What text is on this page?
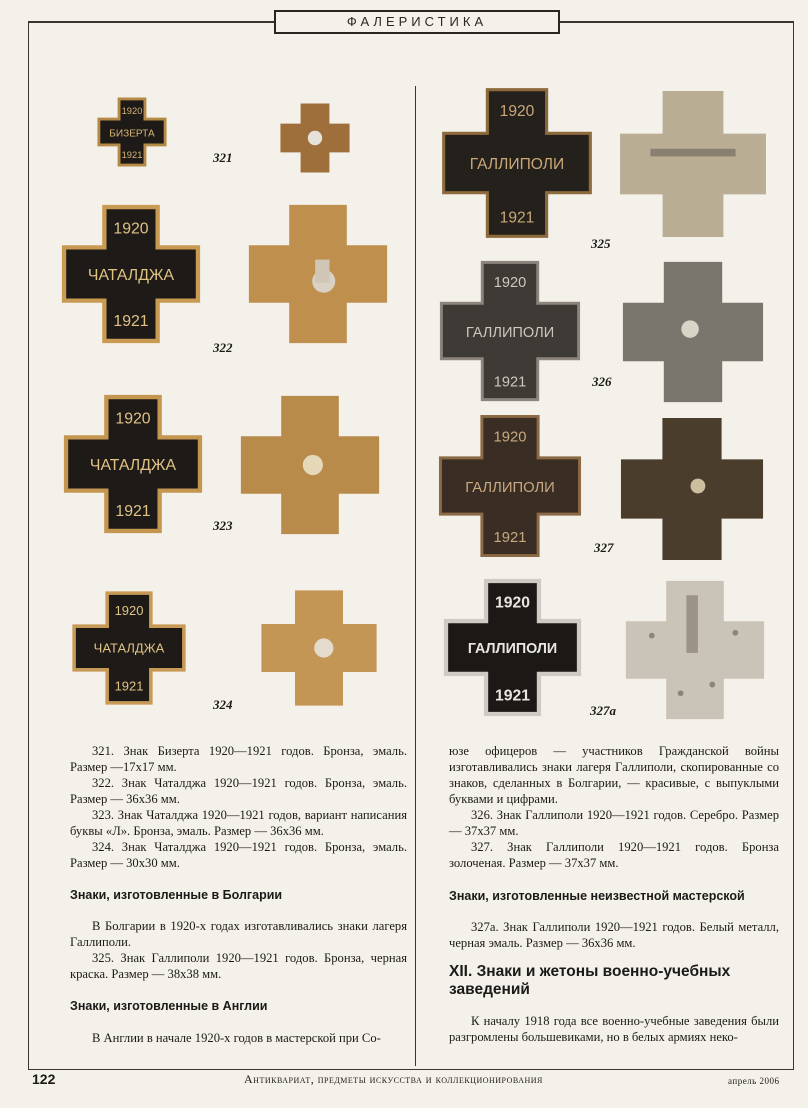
ФАЛЕРИСТИКА
1920
БИЗЕРТА
1921	321
1920
ЧАТАЛДЖА
1921
322
1920
ЧАТАЛДЖА
1921
323
1920
ЧАТАЛДЖА
1921
324
1920
ГАЛЛИПОЛИ
1921
325
1920
ГАЛЛИПОЛИ
1921	326
1920
ГАЛЛИПОЛИ
1921
327
1920
ГАЛЛИПОЛИ
1921
327а

321. Знак Бизерта 1920—1921 годов. Бронза, эмаль. Размер —17х17 мм.

322. Знак Чаталджа 1920—1921 годов. Бронза, эмаль. Размер — 36х36 мм.

323. Знак Чаталджа 1920—1921 годов, вариант написания буквы «Л». Бронза, эмаль. Размер — 36х36 мм.

324. Знак Чаталджа 1920—1921 годов. Бронза, эмаль. Размер — 30х30 мм.

Знаки, изготовленные в Болгарии

В Болгарии в 1920-х годах изготавливались знаки лагеря Галлиполи.

325. Знак Галлиполи 1920—1921 годов. Бронза, черная краска. Размер — 38х38 мм.

Знаки, изготовленные в Англии

В Англии в начале 1920-х годов в мастерской при Со-

юзе офицеров — участников Гражданской войны изготавливались знаки лагеря Галлиполи, скопированные со знаков, сделанных в Болгарии, — красивые, с выпуклыми буквами и цифрами.

326. Знак Галлиполи 1920—1921 годов. Серебро. Размер — 37х37 мм.

327. Знак Галлиполи 1920—1921 годов. Бронза золоченая. Размер — 37х37 мм.

Знаки, изготовленные неизвестной мастерской

327а. Знак Галлиполи 1920—1921 годов. Белый металл, черная эмаль. Размер — 36х36 мм.

XII. Знаки и жетоны военно-учебных заведений

К началу 1918 года все военно-учебные заведения были разгромлены большевиками, но в белых армиях неко-

122	Антиквариат, предметы искусства и коллекционирования	апрель 2006
